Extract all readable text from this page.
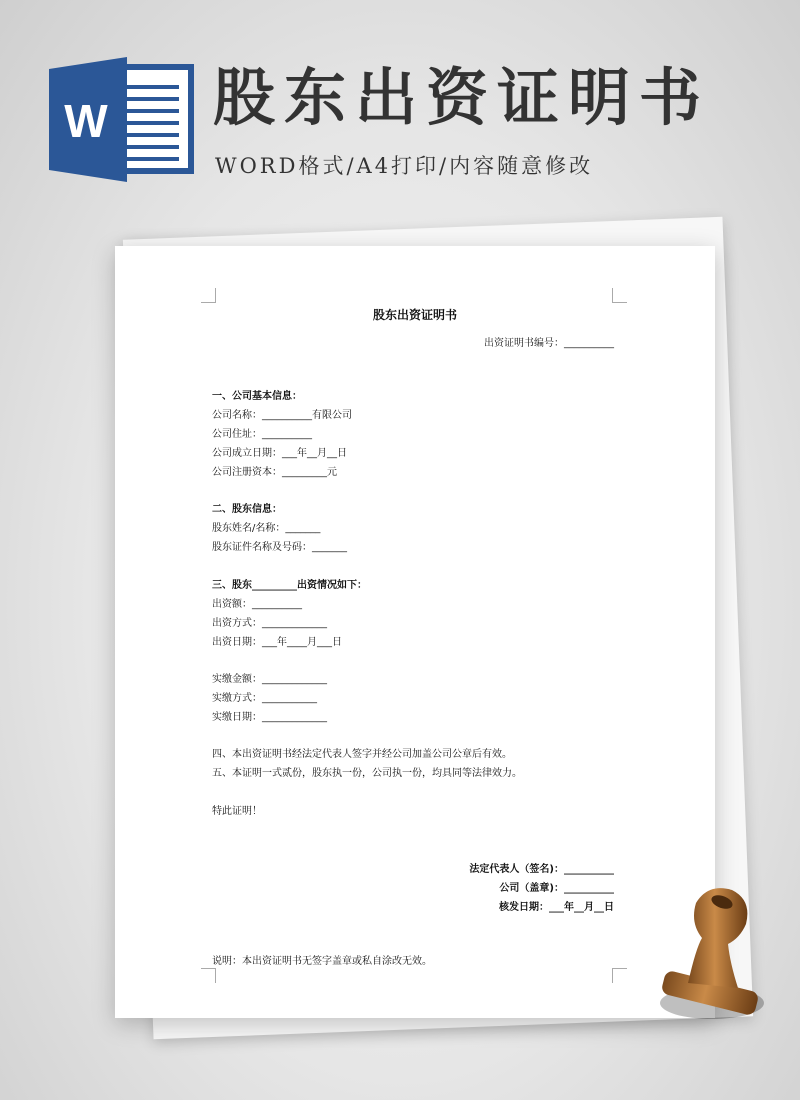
W 股东出资证明书
WORD格式/A4打印/内容随意修改
股东出资证明书
出资证明书编号：__________
一、公司基本信息：
公司名称：__________有限公司
公司住址：__________
公司成立日期：___年__月__日
公司注册资本：_________元
二、股东信息：
股东姓名/名称：_______
股东证件名称及号码：_______
三、股东_________出资情况如下：
出资额：__________
出资方式：_____________
出资日期：___年____月___日
实缴金额：_____________
实缴方式：___________
实缴日期：_____________
四、本出资证明书经法定代表人签字并经公司加盖公司公章后有效。
五、本证明一式贰份，股东执一份，公司执一份，均具同等法律效力。
特此证明！
法定代表人（签名)：__________
公司（盖章)：__________
核发日期：___年__月__日
说明：本出资证明书无签字盖章或私自涂改无效。
